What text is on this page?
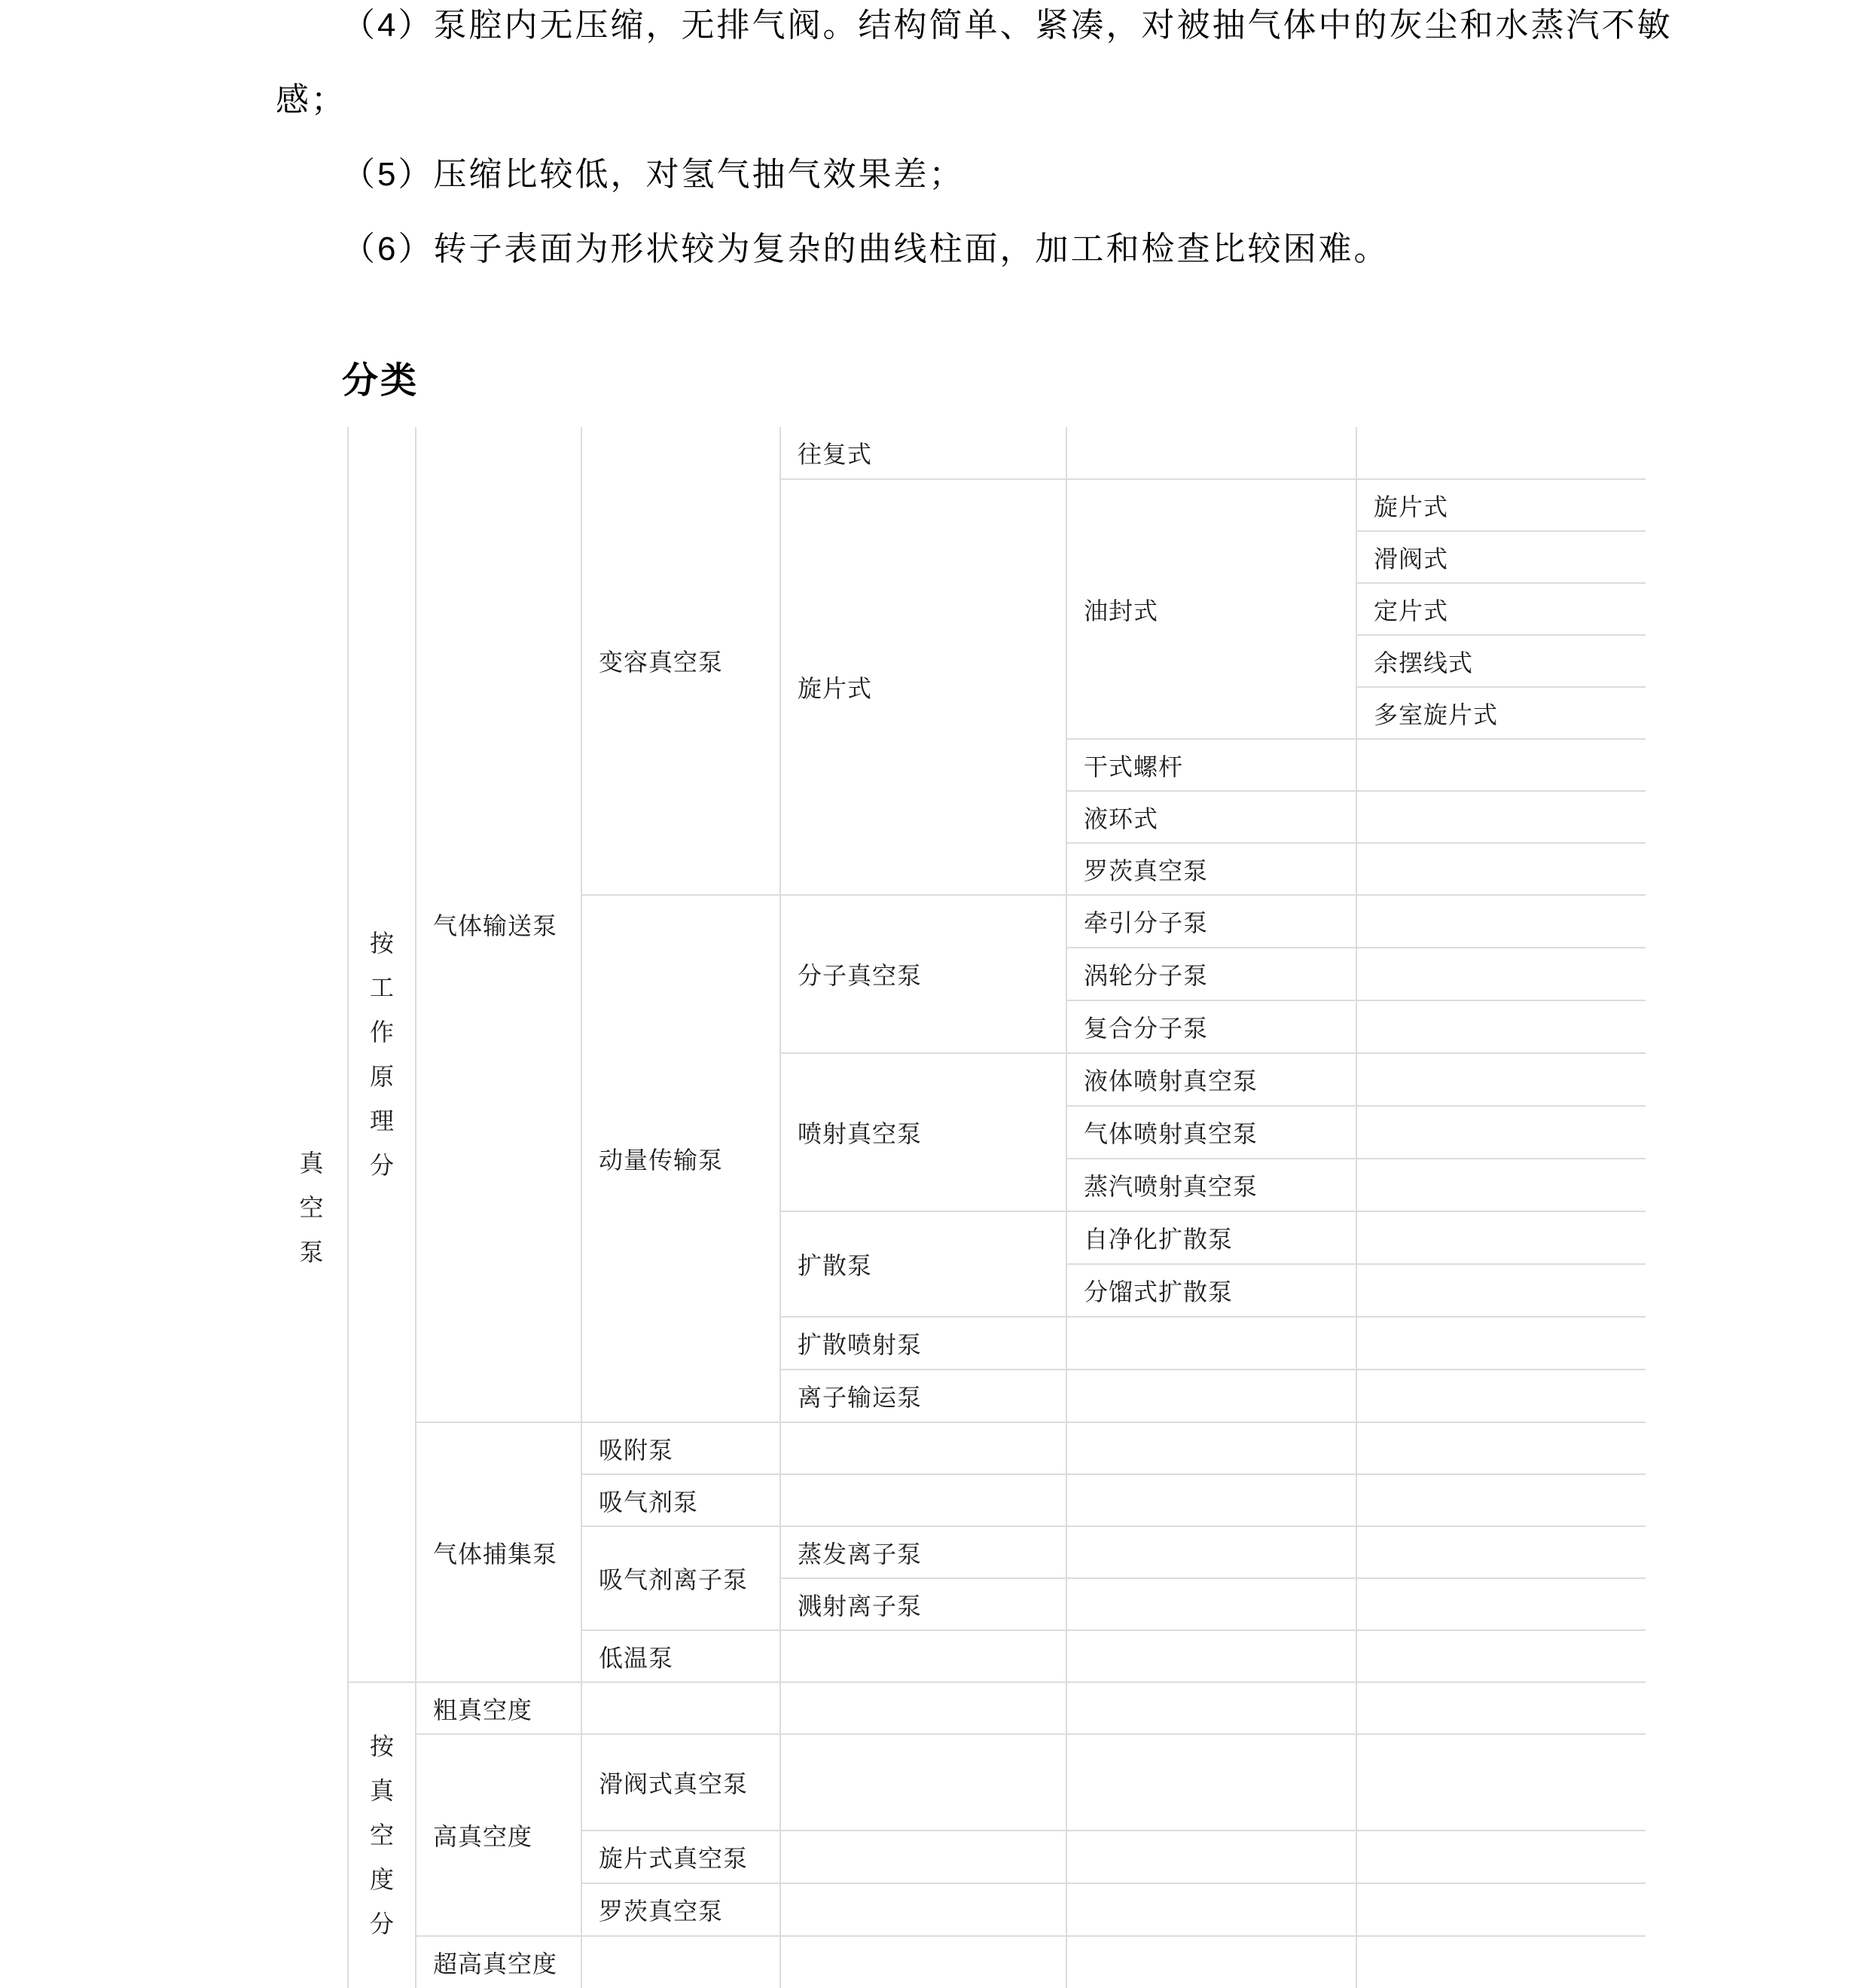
（4）泵腔内无压缩，无排气阀。结构简单、紧凑，对被抽气体中的灰尘和水蒸汽不敏
感；
（5）压缩比较低，对氢气抽气效果差；
（6）转子表面为形状较为复杂的曲线柱面，加工和检查比较困难。
分类
真空泵	按工作原理分	气体输送泵	变容真空泵	往复式		
				旋片式	油封式	旋片式
						滑阀式
						定片式
						余摆线式
						多室旋片式
					干式螺杆	
					液环式	
					罗茨真空泵	
			动量传输泵	分子真空泵	牵引分子泵	
					涡轮分子泵	
					复合分子泵	
				喷射真空泵	液体喷射真空泵	
					气体喷射真空泵	
					蒸汽喷射真空泵	
				扩散泵	自净化扩散泵	
					分馏式扩散泵	
				扩散喷射泵		
				离子输运泵		
		气体捕集泵	吸附泵			
			吸气剂泵			
			吸气剂离子泵	蒸发离子泵		
				溅射离子泵		
			低温泵			

	按真空度分	粗真空度				
		高真空度	滑阀式真空泵			
			旋片式真空泵			
			罗茨真空泵			
		超高真空度				
